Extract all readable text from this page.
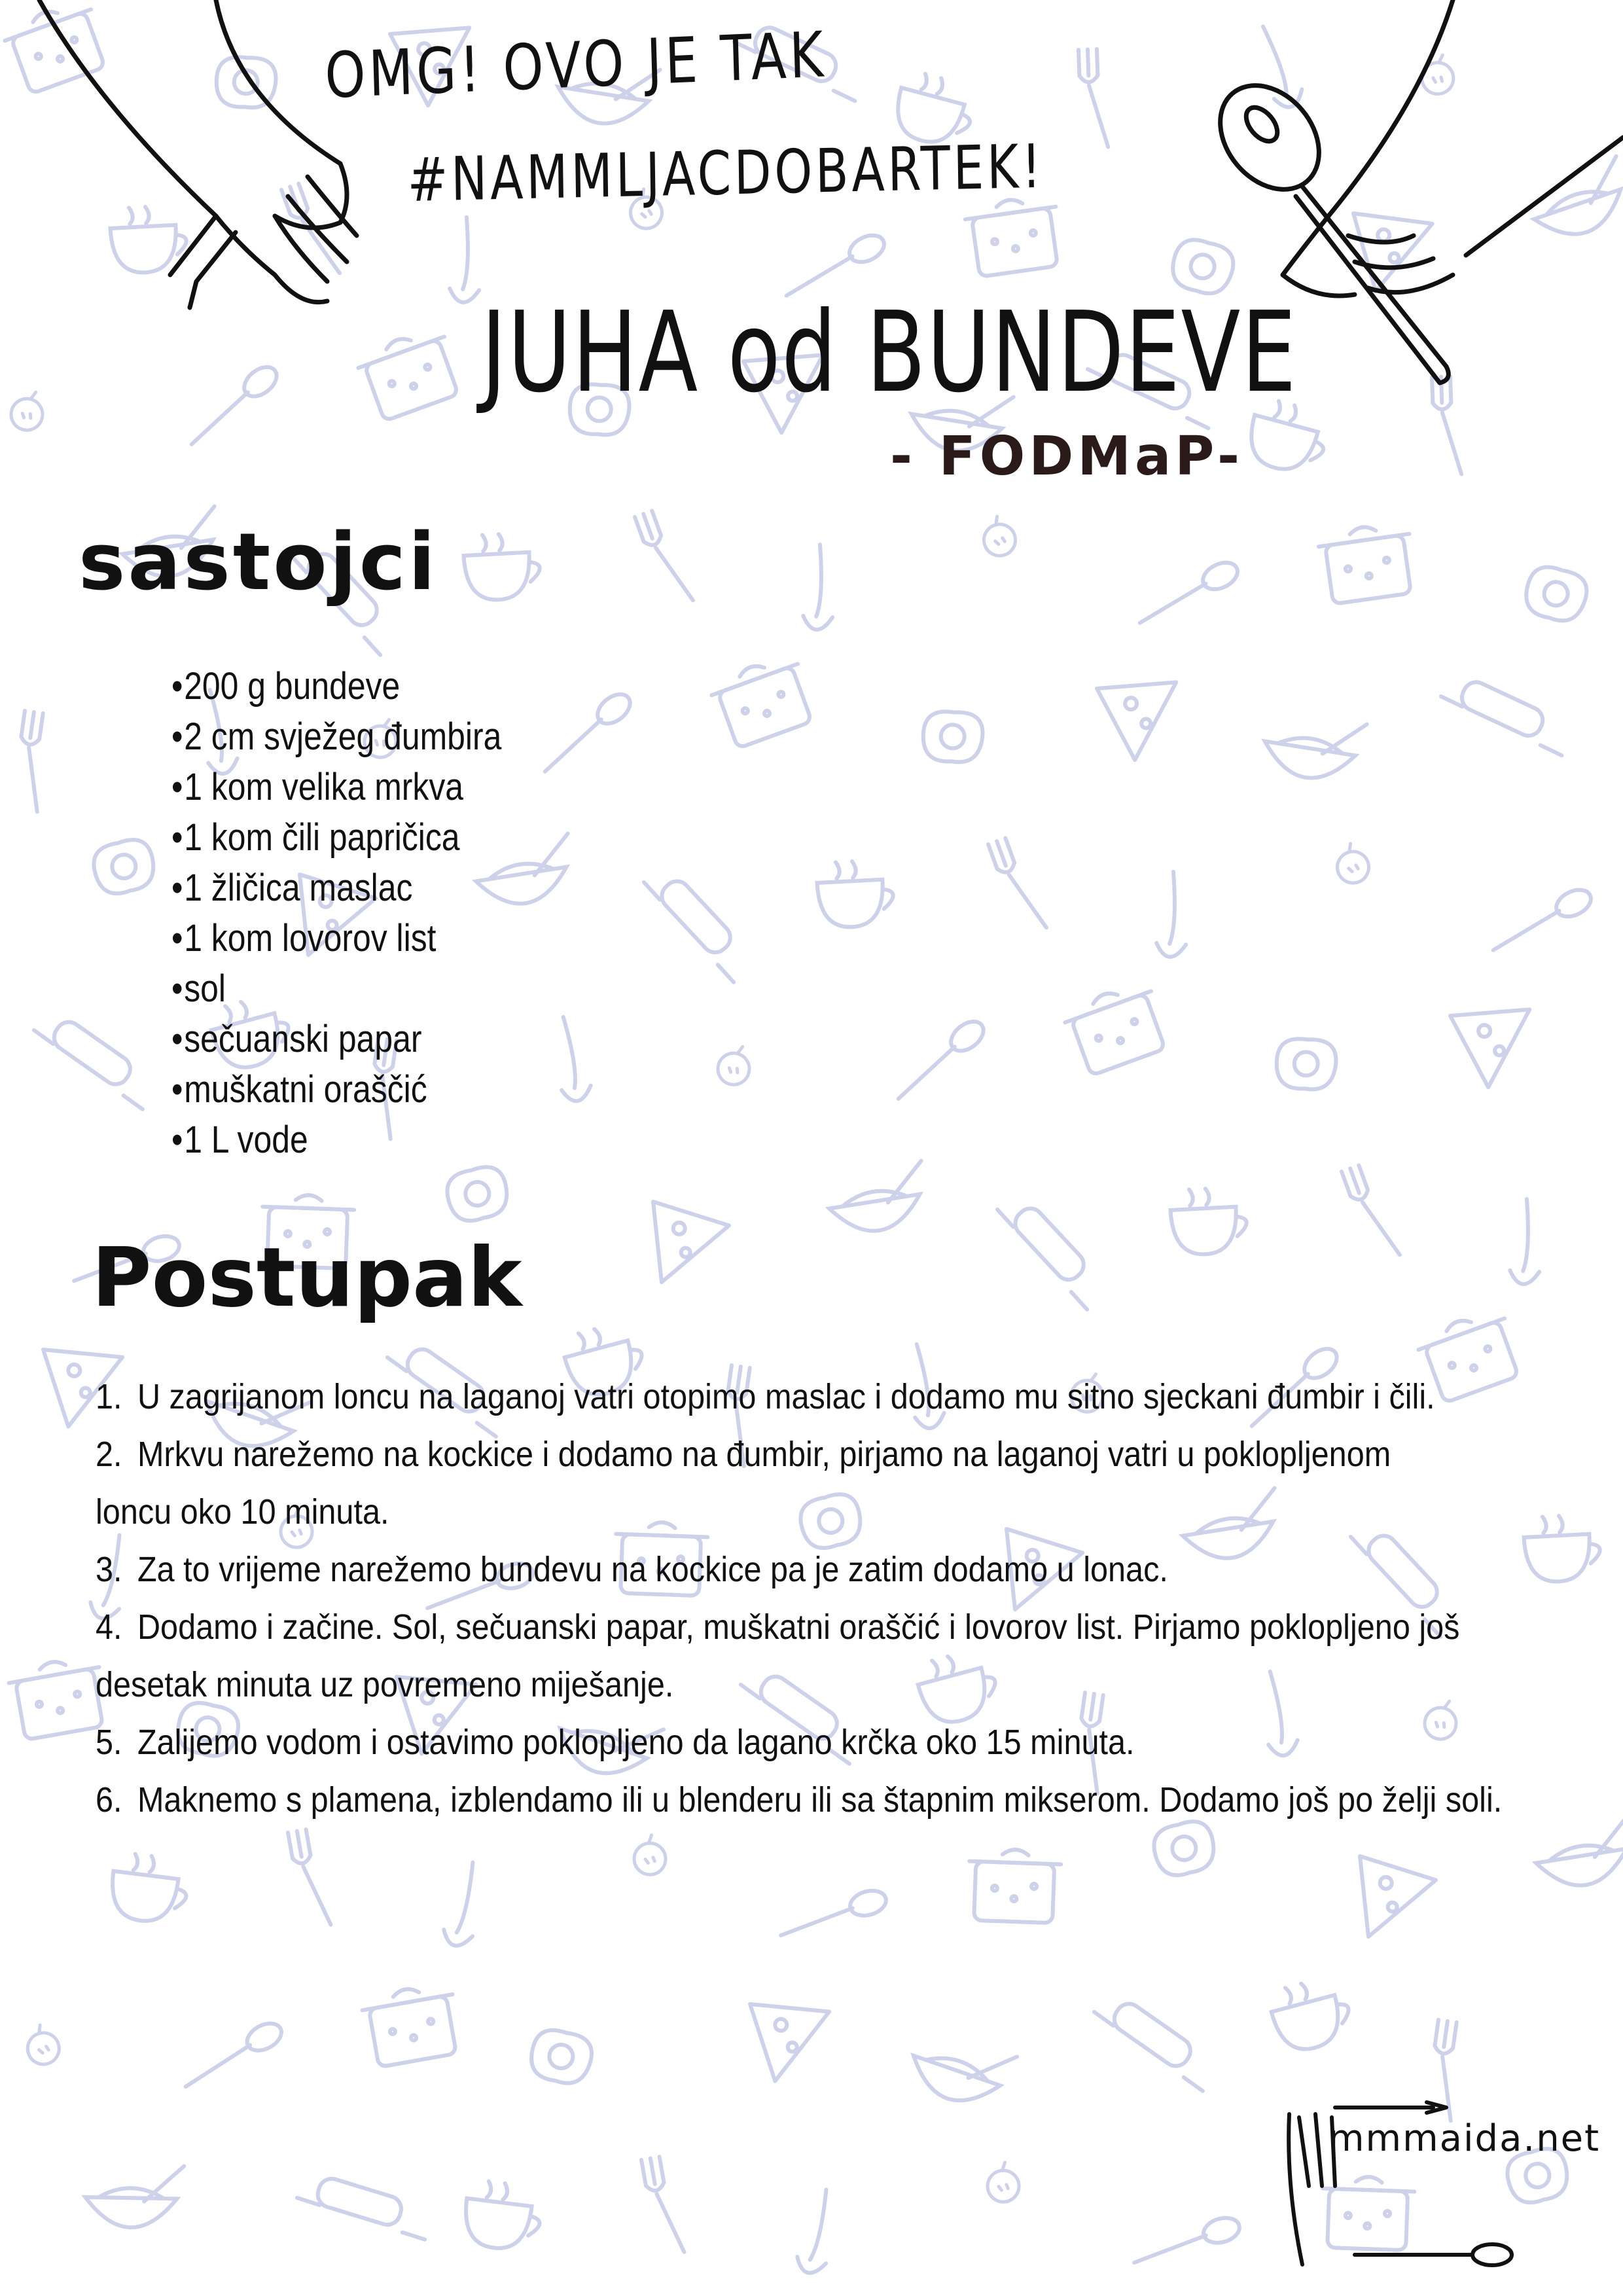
OMG! OVO JE TAK
#NAMMLJACDOBARTEK!
JUHA od BUNDEVE
- FODMaP-
sastojci
• 200 g bundeve
• 2 cm svježeg đumbira
• 1 kom velika mrkva
• 1 kom čili papričica
• 1 žličica maslac
• 1 kom lovorov list
• sol
• sečuanski papar
• muškatni oraščić
• 1 L vode
Postupak

1. U zagrijanom loncu na laganoj vatri otopimo maslac i dodamo mu sitno sjeckani đumbir i čili.

2. Mrkvu narežemo na kockice i dodamo na đumbir, pirjamo na laganoj vatri u poklopljenom loncu oko 10 minuta.

3. Za to vrijeme narežemo bundevu na kockice pa je zatim dodamo u lonac.

4. Dodamo i začine. Sol, sečuanski papar, muškatni oraščić i lovorov list. Pirjamo poklopljeno još desetak minuta uz povremeno miješanje.

5. Zalijemo vodom i ostavimo poklopljeno da lagano krčka oko 15 minuta.

6. Maknemo s plamena, izblendamo ili u blenderu ili sa štapnim mikserom. Dodamo još po želji soli.

mmmaida.net
